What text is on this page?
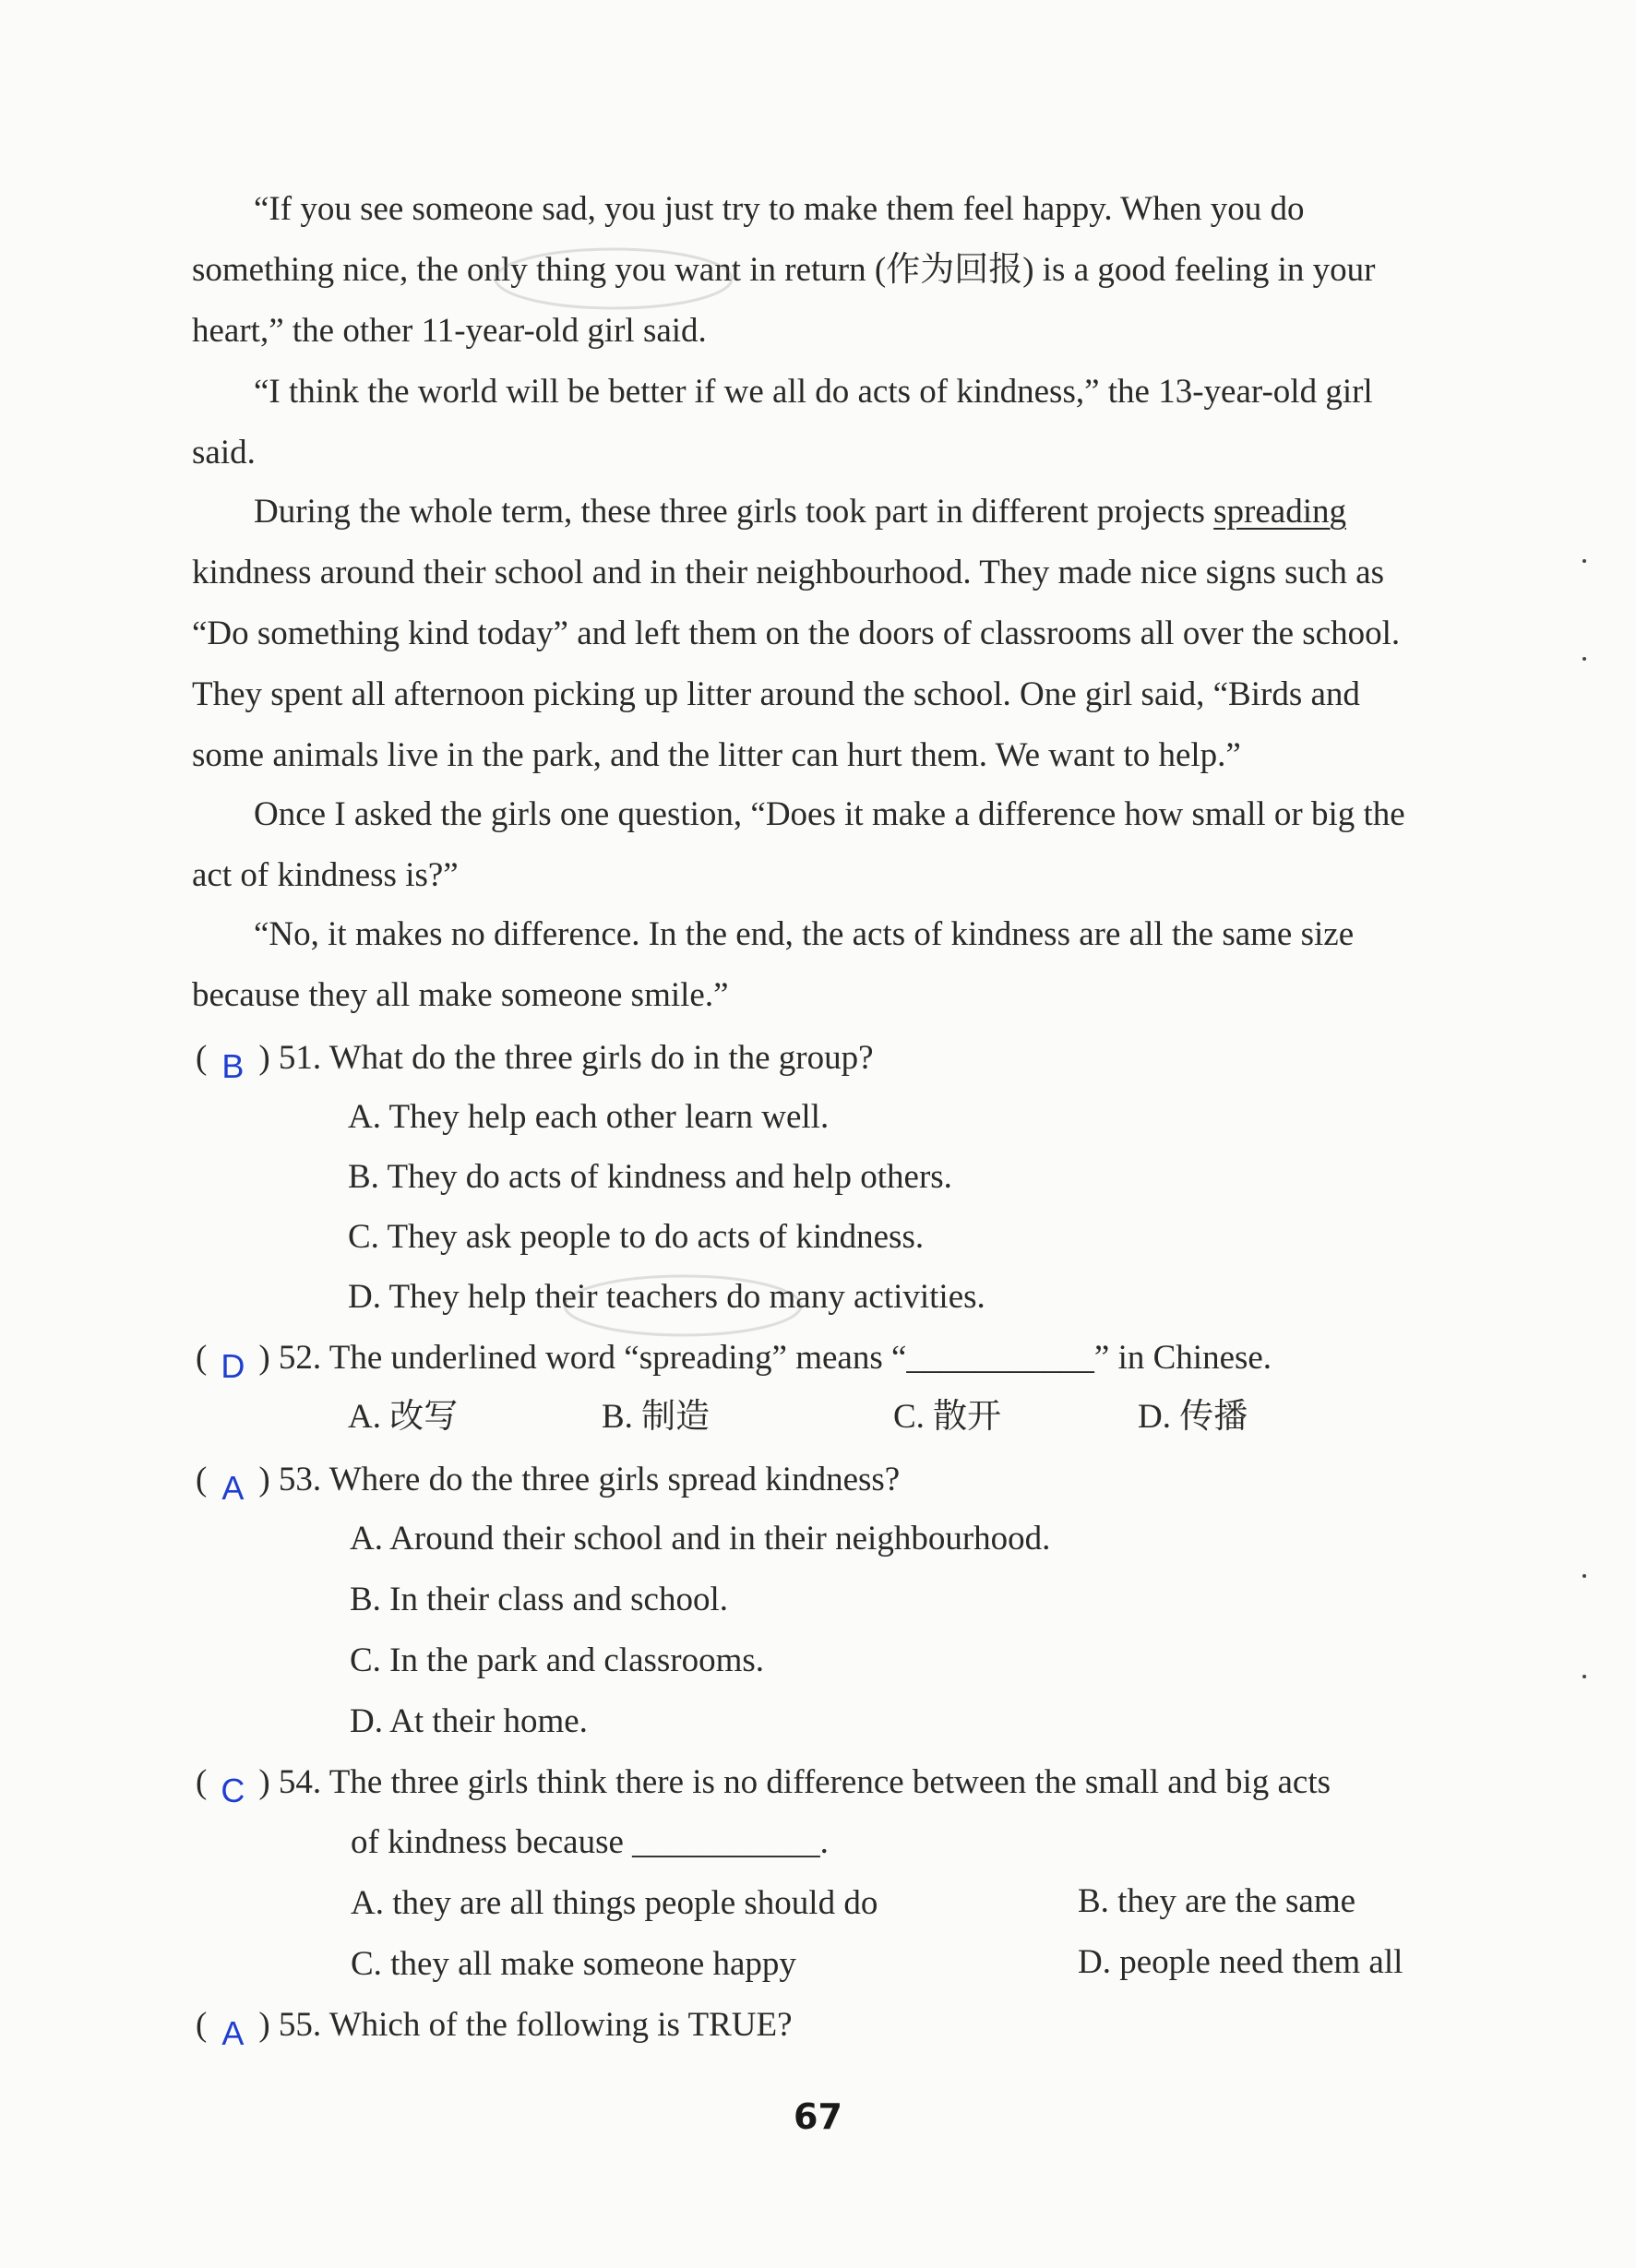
“If you see someone sad, you just try to make them feel happy. When you do something nice, the only thing you want in return (作为回报) is a good feeling in your heart,” the other 11-year-old girl said.

“I think the world will be better if we all do acts of kindness,” the 13-year-old girl said.

During the whole term, these three girls took part in different projects spreading kindness around their school and in their neighbourhood. They made nice signs such as “Do something kind today” and left them on the doors of classrooms all over the school. They spent all afternoon picking up litter around the school. One girl said, “Birds and some animals live in the park, and the litter can hurt them. We want to help.”

Once I asked the girls one question, “Does it make a difference how small or big the act of kindness is?”

“No, it makes no difference. In the end, the acts of kindness are all the same size because they all make someone smile.”

( B ) 51. What do the three girls do in the group?
A. They help each other learn well.
B. They do acts of kindness and help others.
C. They ask people to do acts of kindness.
D. They help their teachers do many activities.
( D ) 52. The underlined word “spreading” means “___________” in Chinese.
A. 改写	B. 制造	C. 散开	D. 传播
( A ) 53. Where do the three girls spread kindness?
A. Around their school and in their neighbourhood.
B. In their class and school.
C. In the park and classrooms.
D. At their home.
( C ) 54. The three girls think there is no difference between the small and big acts
of kindness because ___________.
A. they are all things people should do	B. they are the same
C. they all make someone happy	D. people need them all
( A ) 55. Which of the following is TRUE?
67
